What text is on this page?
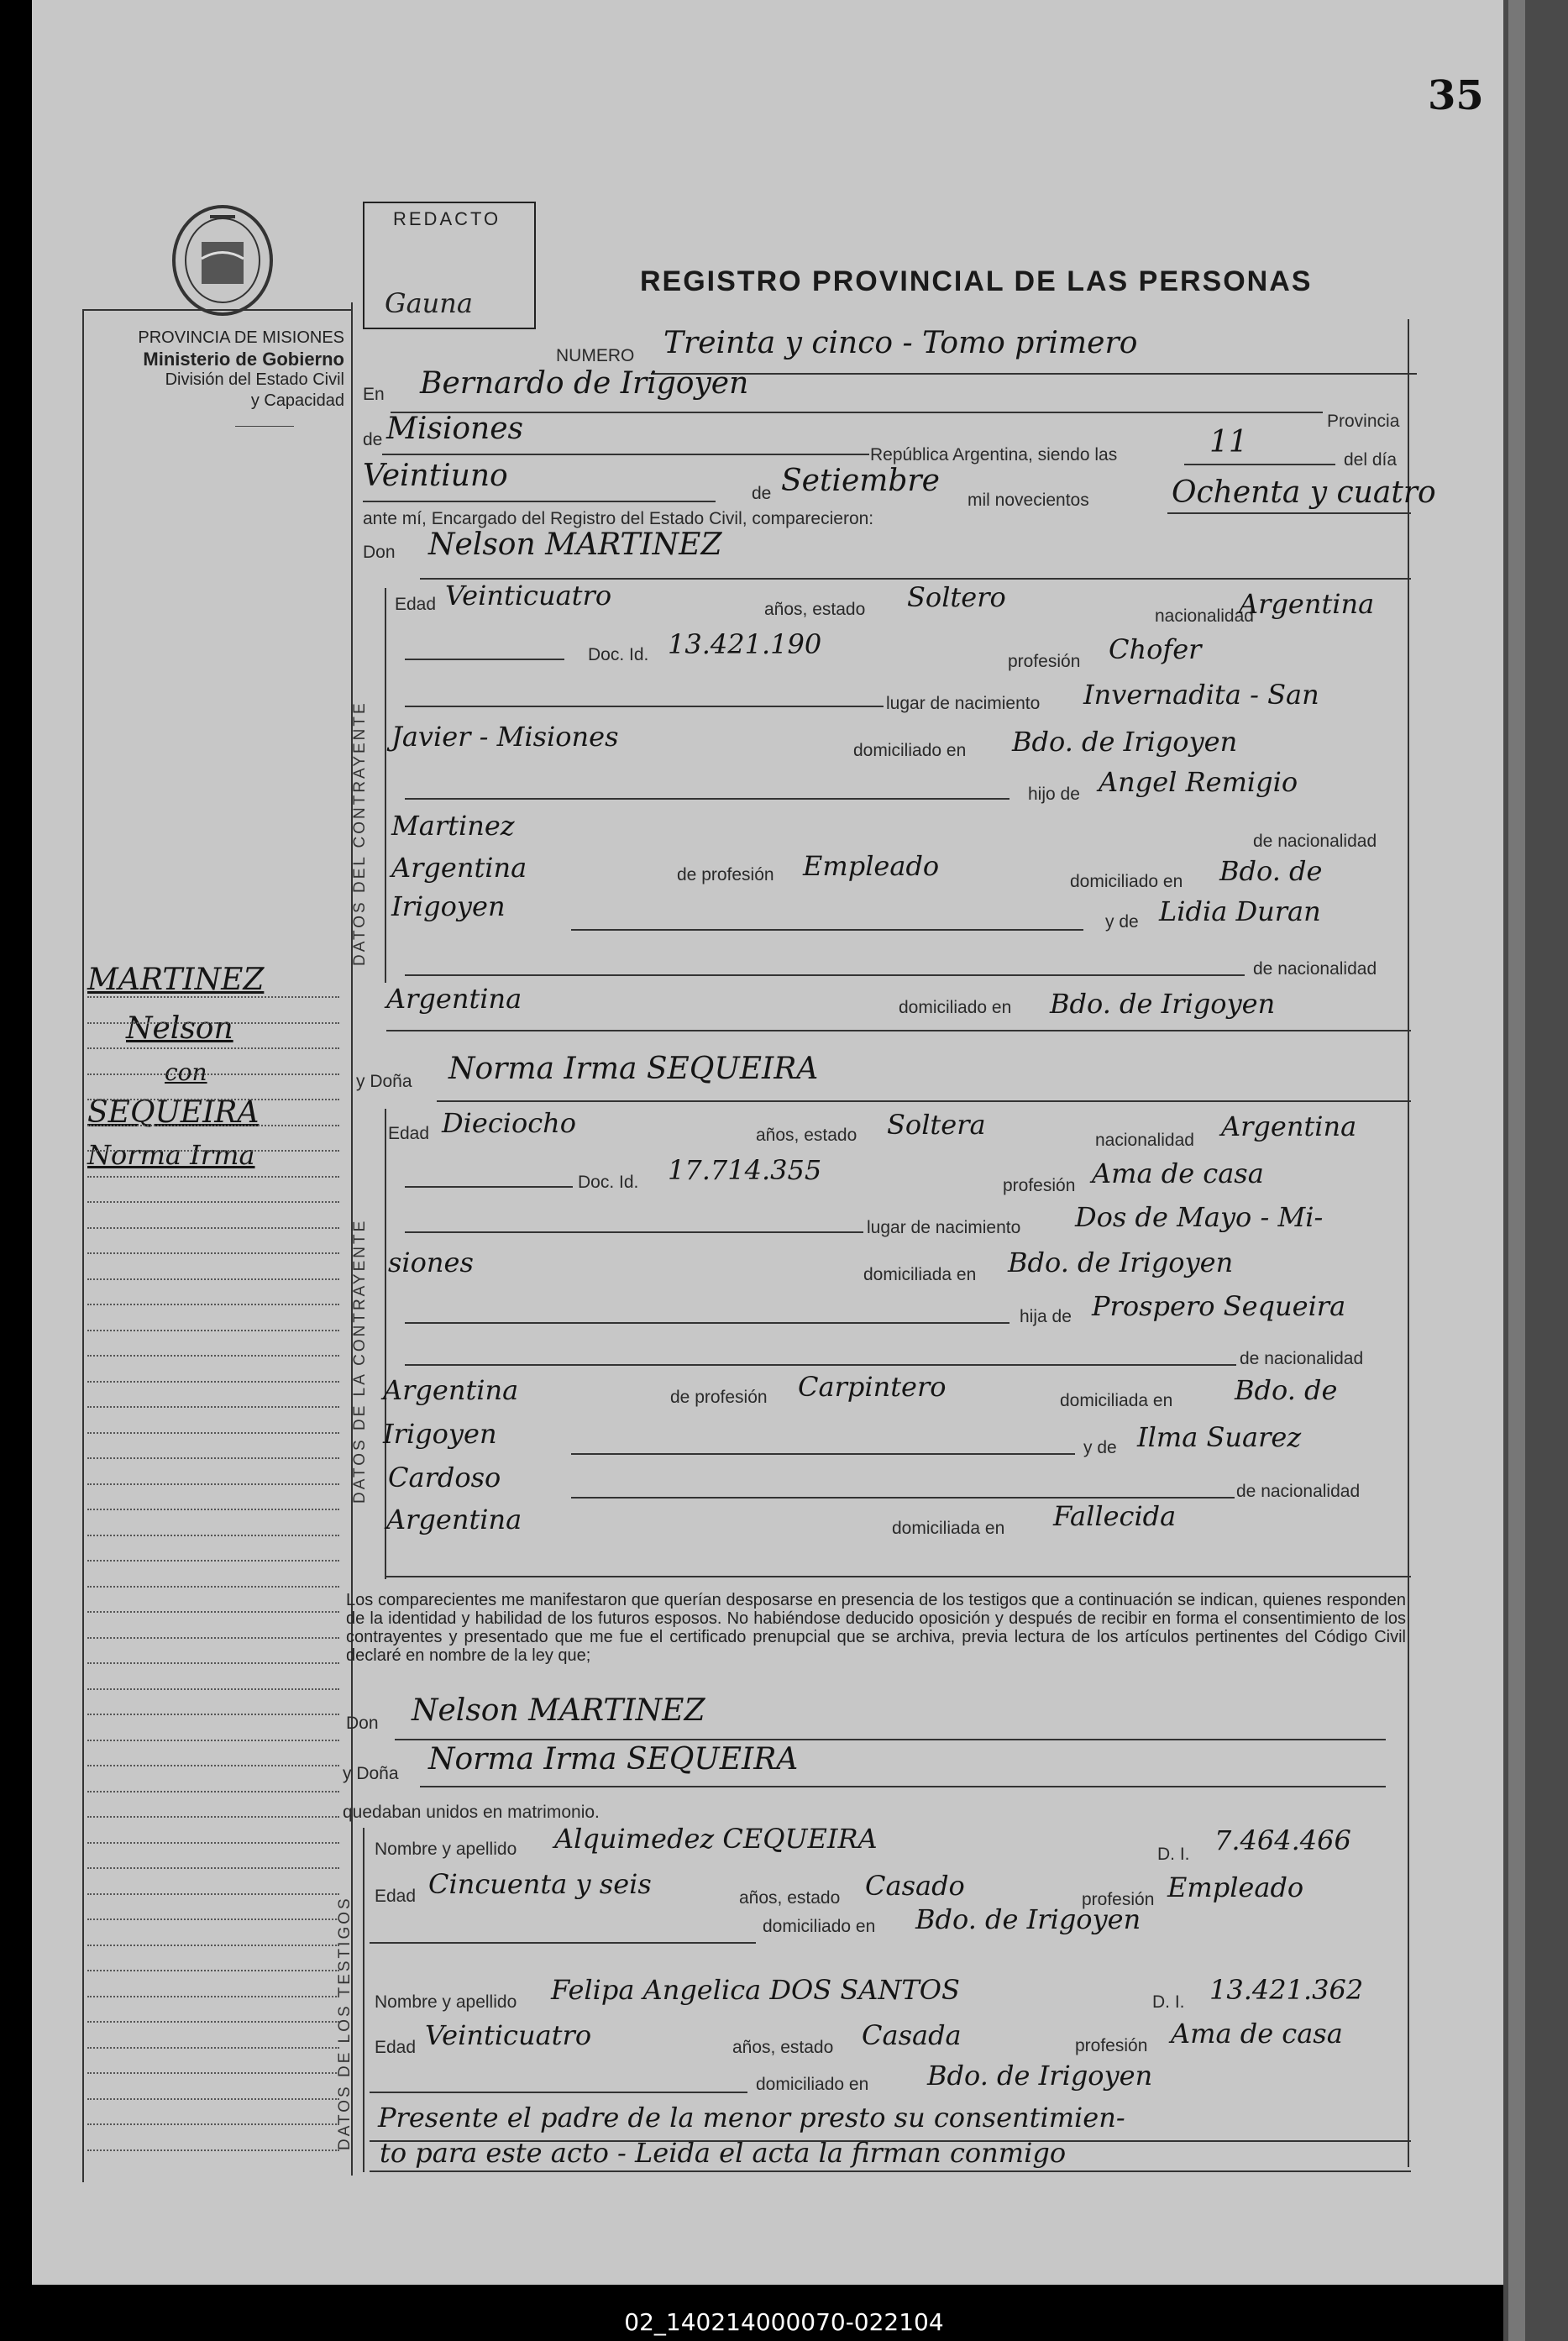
35
PROVINCIA DE MISIONES
Ministerio de Gobierno
División del Estado Civil
y Capacidad
REDACTO
Gauna
REGISTRO PROVINCIAL DE LAS PERSONAS
NUMERO Treinta y cinco - Tomo primero
En Bernardo de Irigoyen
Provincia
de Misiones
República Argentina, siendo las	11
del día
Veintiuno
de Setiembre
mil novecientos	Ochenta y cuatro
ante mí, Encargado del Registro del Estado Civil, comparecieron:
Don Nelson MARTINEZ
DATOS DEL CONTRAYENTE
Edad Veinticuatro	años, estado Soltero
nacionalidad
Argentina
Doc. Id. 13.421.190
profesión Chofer
lugar de nacimiento Invernadita - San
Javier - Misiones	domiciliado en Bdo. de Irigoyen
hijo de Angel Remigio
Martinez	de nacionalidad
Argentina	de profesión Empleado	domiciliado en Bdo. de
Irigoyen	y de Lidia Duran
de nacionalidad
Argentina	domiciliado en Bdo. de Irigoyen
y Doña Norma Irma SEQUEIRA
DATOS DE LA CONTRAYENTE
Edad Dieciocho	años, estado Soltera	nacionalidad Argentina
Doc. Id. 17.714.355	profesión Ama de casa
lugar de nacimiento Dos de Mayo - Mi-
siones	domiciliada en Bdo. de Irigoyen
hija de Prospero Sequeira
de nacionalidad
Argentina	de profesión Carpintero	domiciliada en Bdo. de
Irigoyen	y de Ilma Suarez
Cardoso	de nacionalidad
Argentina	domiciliada en Fallecida
Los comparecientes me manifestaron que querían desposarse en presencia de los testigos que a continuación se indican, quienes responden de la identidad y habilidad de los futuros esposos. No habiéndose deducido oposición y después de recibir en forma el consentimiento de los contrayentes y presentado que me fue el certificado prenupcial que se archiva, previa lectura de los artículos pertinentes del Código Civil declaré en nombre de la ley que;
Don Nelson MARTINEZ
y Doña Norma Irma SEQUEIRA
quedaban unidos en matrimonio.
DATOS DE LOS TESTIGOS
Nombre y apellido Alquimedez CEQUEIRA	D. I. 7.464.466
Edad Cincuenta y seis	años, estado Casado	profesión Empleado
domiciliado en Bdo. de Irigoyen
Nombre y apellido Felipa Angelica DOS SANTOS	D. I. 13.421.362
Edad Veinticuatro	años, estado Casada	profesión Ama de casa
domiciliado en Bdo. de Irigoyen
Presente el padre de la menor presto su consentimien-
to para este acto - Leida el acta la firman conmigo
MARTINEZ
Nelson
con
SEQUEIRA
Norma Irma
02_140214000070-022104
